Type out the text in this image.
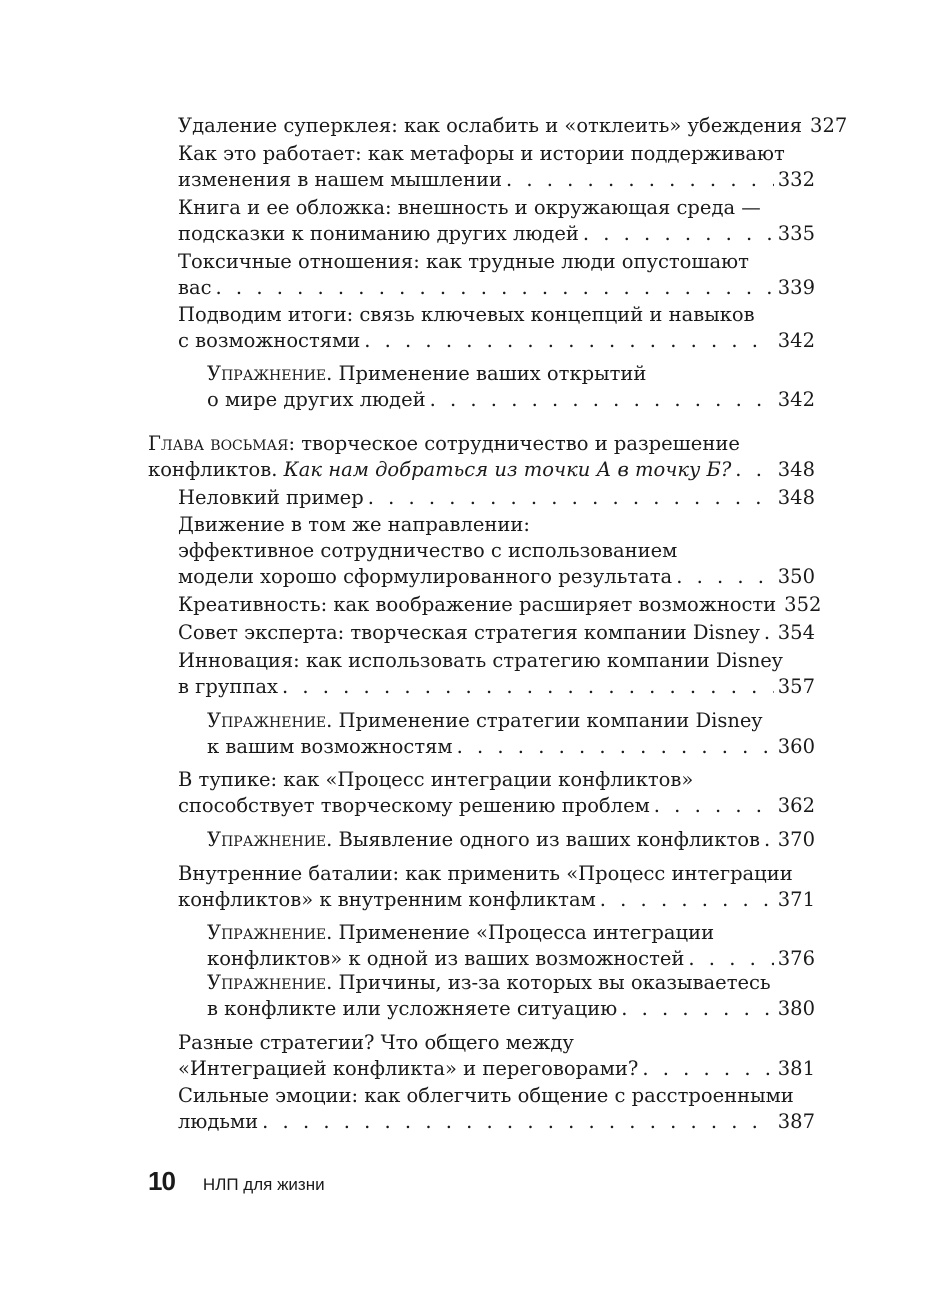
Удаление суперклея: как ослабить и «отклеить» убеждения 327
Как это работает: как метафоры и истории поддерживают
изменения в нашем мышлении . . .	332
Книга и ее обложка: внешность и окружающая среда —
подсказки к пониманию других людей . . .	335
Токсичные отношения: как трудные люди опустошают
вас . . .	339
Подводим итоги: связь ключевых концепций и навыков
с возможностями . . .	342
Упражнение. Применение ваших открытий
о мире других людей . . .	342
Глава восьмая: творческое сотрудничество и разрешение
конфликтов. Как нам добраться из точки А в точку Б? . . . 348
Неловкий пример . . .	348
Движение в том же направлении:
эффективное сотрудничество с использованием
модели хорошо сформулированного результата . . .	350
Креативность: как воображение расширяет возможности 352
Совет эксперта: творческая стратегия компании Disney . . . 354
Инновация: как использовать стратегию компании Disney
в группах . . .	357
Упражнение. Применение стратегии компании Disney
к вашим возможностям . . .	360
В тупике: как «Процесс интеграции конфликтов»
способствует творческому решению проблем . . .	362
Упражнение. Выявление одного из ваших конфликтов . . . 370
Внутренние баталии: как применить «Процесс интеграции
конфликтов» к внутренним конфликтам . . .	371
Упражнение. Применение «Процесса интеграции
конфликтов» к одной из ваших возможностей . . .	376
Упражнение. Причины, из-за которых вы оказываетесь
в конфликте или усложняете ситуацию . . .	380
Разные стратегии? Что общего между
«Интеграцией конфликта» и переговорами? . . .	381
Сильные эмоции: как облегчить общение с расстроенными
людьми . . .	387
10 НЛП для жизни
